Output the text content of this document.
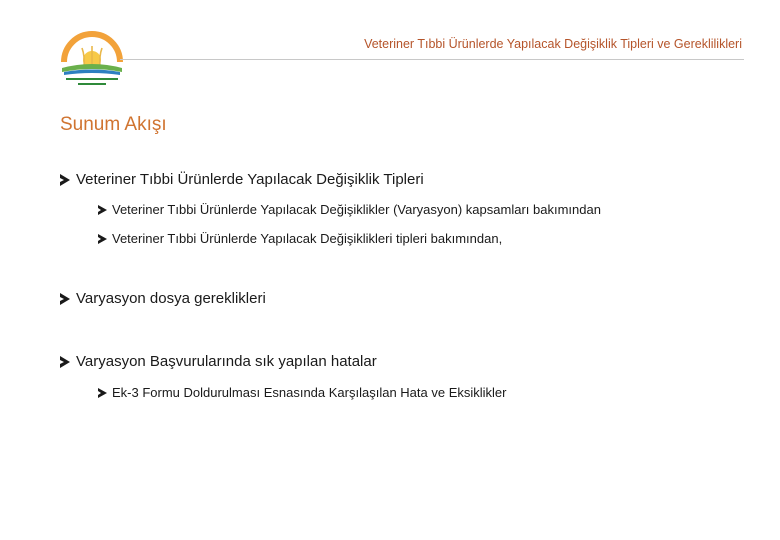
Veteriner Tıbbi Ürünlerde Yapılacak Değişiklik Tipleri ve Gereklilikleri
Sunum Akışı
Veteriner Tıbbi Ürünlerde Yapılacak Değişiklik Tipleri
Veteriner Tıbbi Ürünlerde Yapılacak Değişiklikler (Varyasyon) kapsamları bakımından
Veteriner Tıbbi Ürünlerde Yapılacak Değişiklikleri tipleri bakımından,
Varyasyon dosya gereklikleri
Varyasyon Başvurularında sık yapılan hatalar
Ek-3 Formu Doldurulması Esnasında Karşılaşılan Hata ve Eksiklikler
